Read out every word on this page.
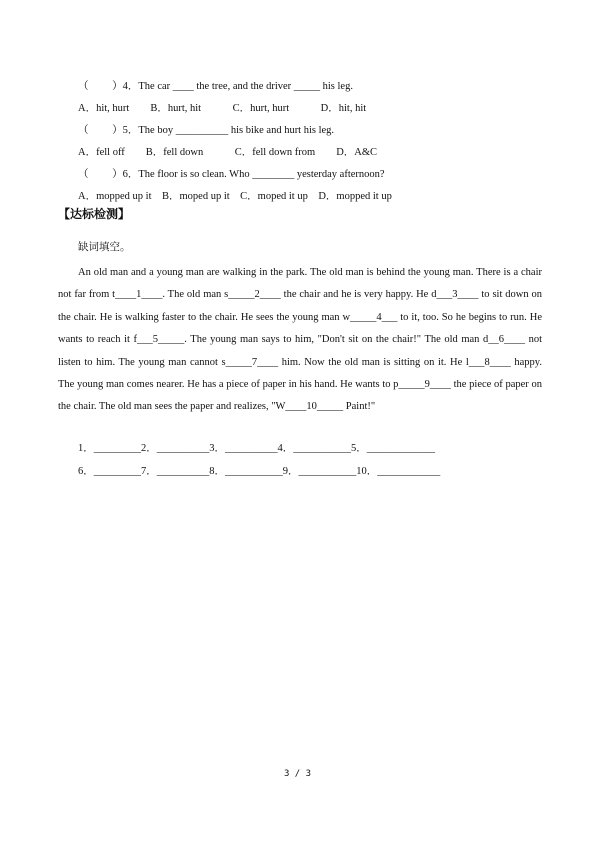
（ 　　）4．The car ____ the tree, and the driver _____ his leg.
A．hit, hurt　　B．hurt, hit　　　C．hurt, hurt　　　D．hit, hit
（ 　　）5．The boy __________ his bike and hurt his leg.
A．fell off　　B．fell down　　　C．fell down from　　D．A&C
（ 　　）6．The floor is so clean. Who ________ yesterday afternoon?
A．mopped up it　B．moped up it　C．moped it up　D．mopped it up
【达标检测】
缺词填空。
An old man and a young man are walking in the park. The old man is behind the young man. There is a chair not far from t____1____. The old man s_____2____ the chair and he is very happy. He d___3____ to sit down on the chair. He is walking faster to the chair. He sees the young man w_____4___ to it, too. So he begins to run. He wants to reach it f___5_____. The young man says to him, "Don't sit on the chair!" The old man d__6____ not listen to him. The young man cannot s_____7____ him. Now the old man is sitting on it. He l___8____ happy. The young man comes nearer. He has a piece of paper in his hand. He wants to p_____9____ the piece of paper on the chair. The old man sees the paper and realizes, "W____10_____ Paint!"
1．_________2．__________3．__________4．___________5．_____________
6．_________7．__________8．___________9．___________10．____________
3 / 3
